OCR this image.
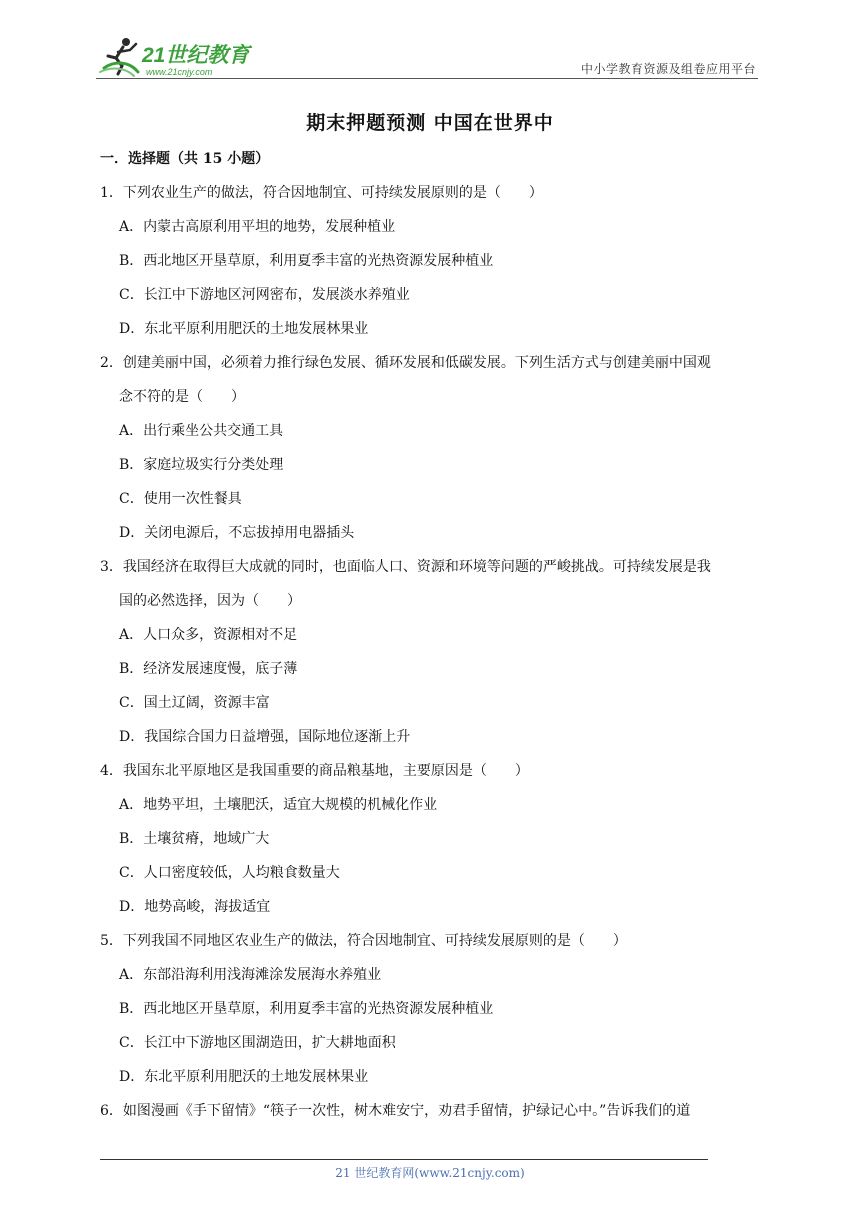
21世纪教育
www.21cnjy.com	中小学教育资源及组卷应用平台
期末押题预测 中国在世界中
一．选择题（共 15 小题）
1． 下列农业生产的做法，符合因地制宜、可持续发展原则的是（　　）
A．内蒙古高原利用平坦的地势，发展种植业
B．西北地区开垦草原，利用夏季丰富的光热资源发展种植业
C．长江中下游地区河网密布，发展淡水养殖业
D．东北平原利用肥沃的土地发展林果业
2． 创建美丽中国，必须着力推行绿色发展、循环发展和低碳发展。下列生活方式与创建美丽中国观
念不符的是（　　）
A．出行乘坐公共交通工具
B．家庭垃圾实行分类处理
C．使用一次性餐具
D．关闭电源后，不忘拔掉用电器插头
3． 我国经济在取得巨大成就的同时，也面临人口、资源和环境等问题的严峻挑战。可持续发展是我
国的必然选择，因为（　　）
A．人口众多，资源相对不足
B．经济发展速度慢，底子薄
C．国土辽阔，资源丰富
D．我国综合国力日益增强，国际地位逐渐上升
4． 我国东北平原地区是我国重要的商品粮基地，主要原因是（　　）
A．地势平坦，土壤肥沃，适宜大规模的机械化作业
B．土壤贫瘠，地域广大
C．人口密度较低，人均粮食数量大
D．地势高峻，海拔适宜
5． 下列我国不同地区农业生产的做法，符合因地制宜、可持续发展原则的是（　　）
A．东部沿海利用浅海滩涂发展海水养殖业
B．西北地区开垦草原，利用夏季丰富的光热资源发展种植业
C．长江中下游地区围湖造田，扩大耕地面积
D．东北平原利用肥沃的土地发展林果业
6． 如图漫画《手下留情》“筷子一次性，树木难安宁，劝君手留情，护绿记心中。”告诉我们的道
21 世纪教育网(www.21cnjy.com)
